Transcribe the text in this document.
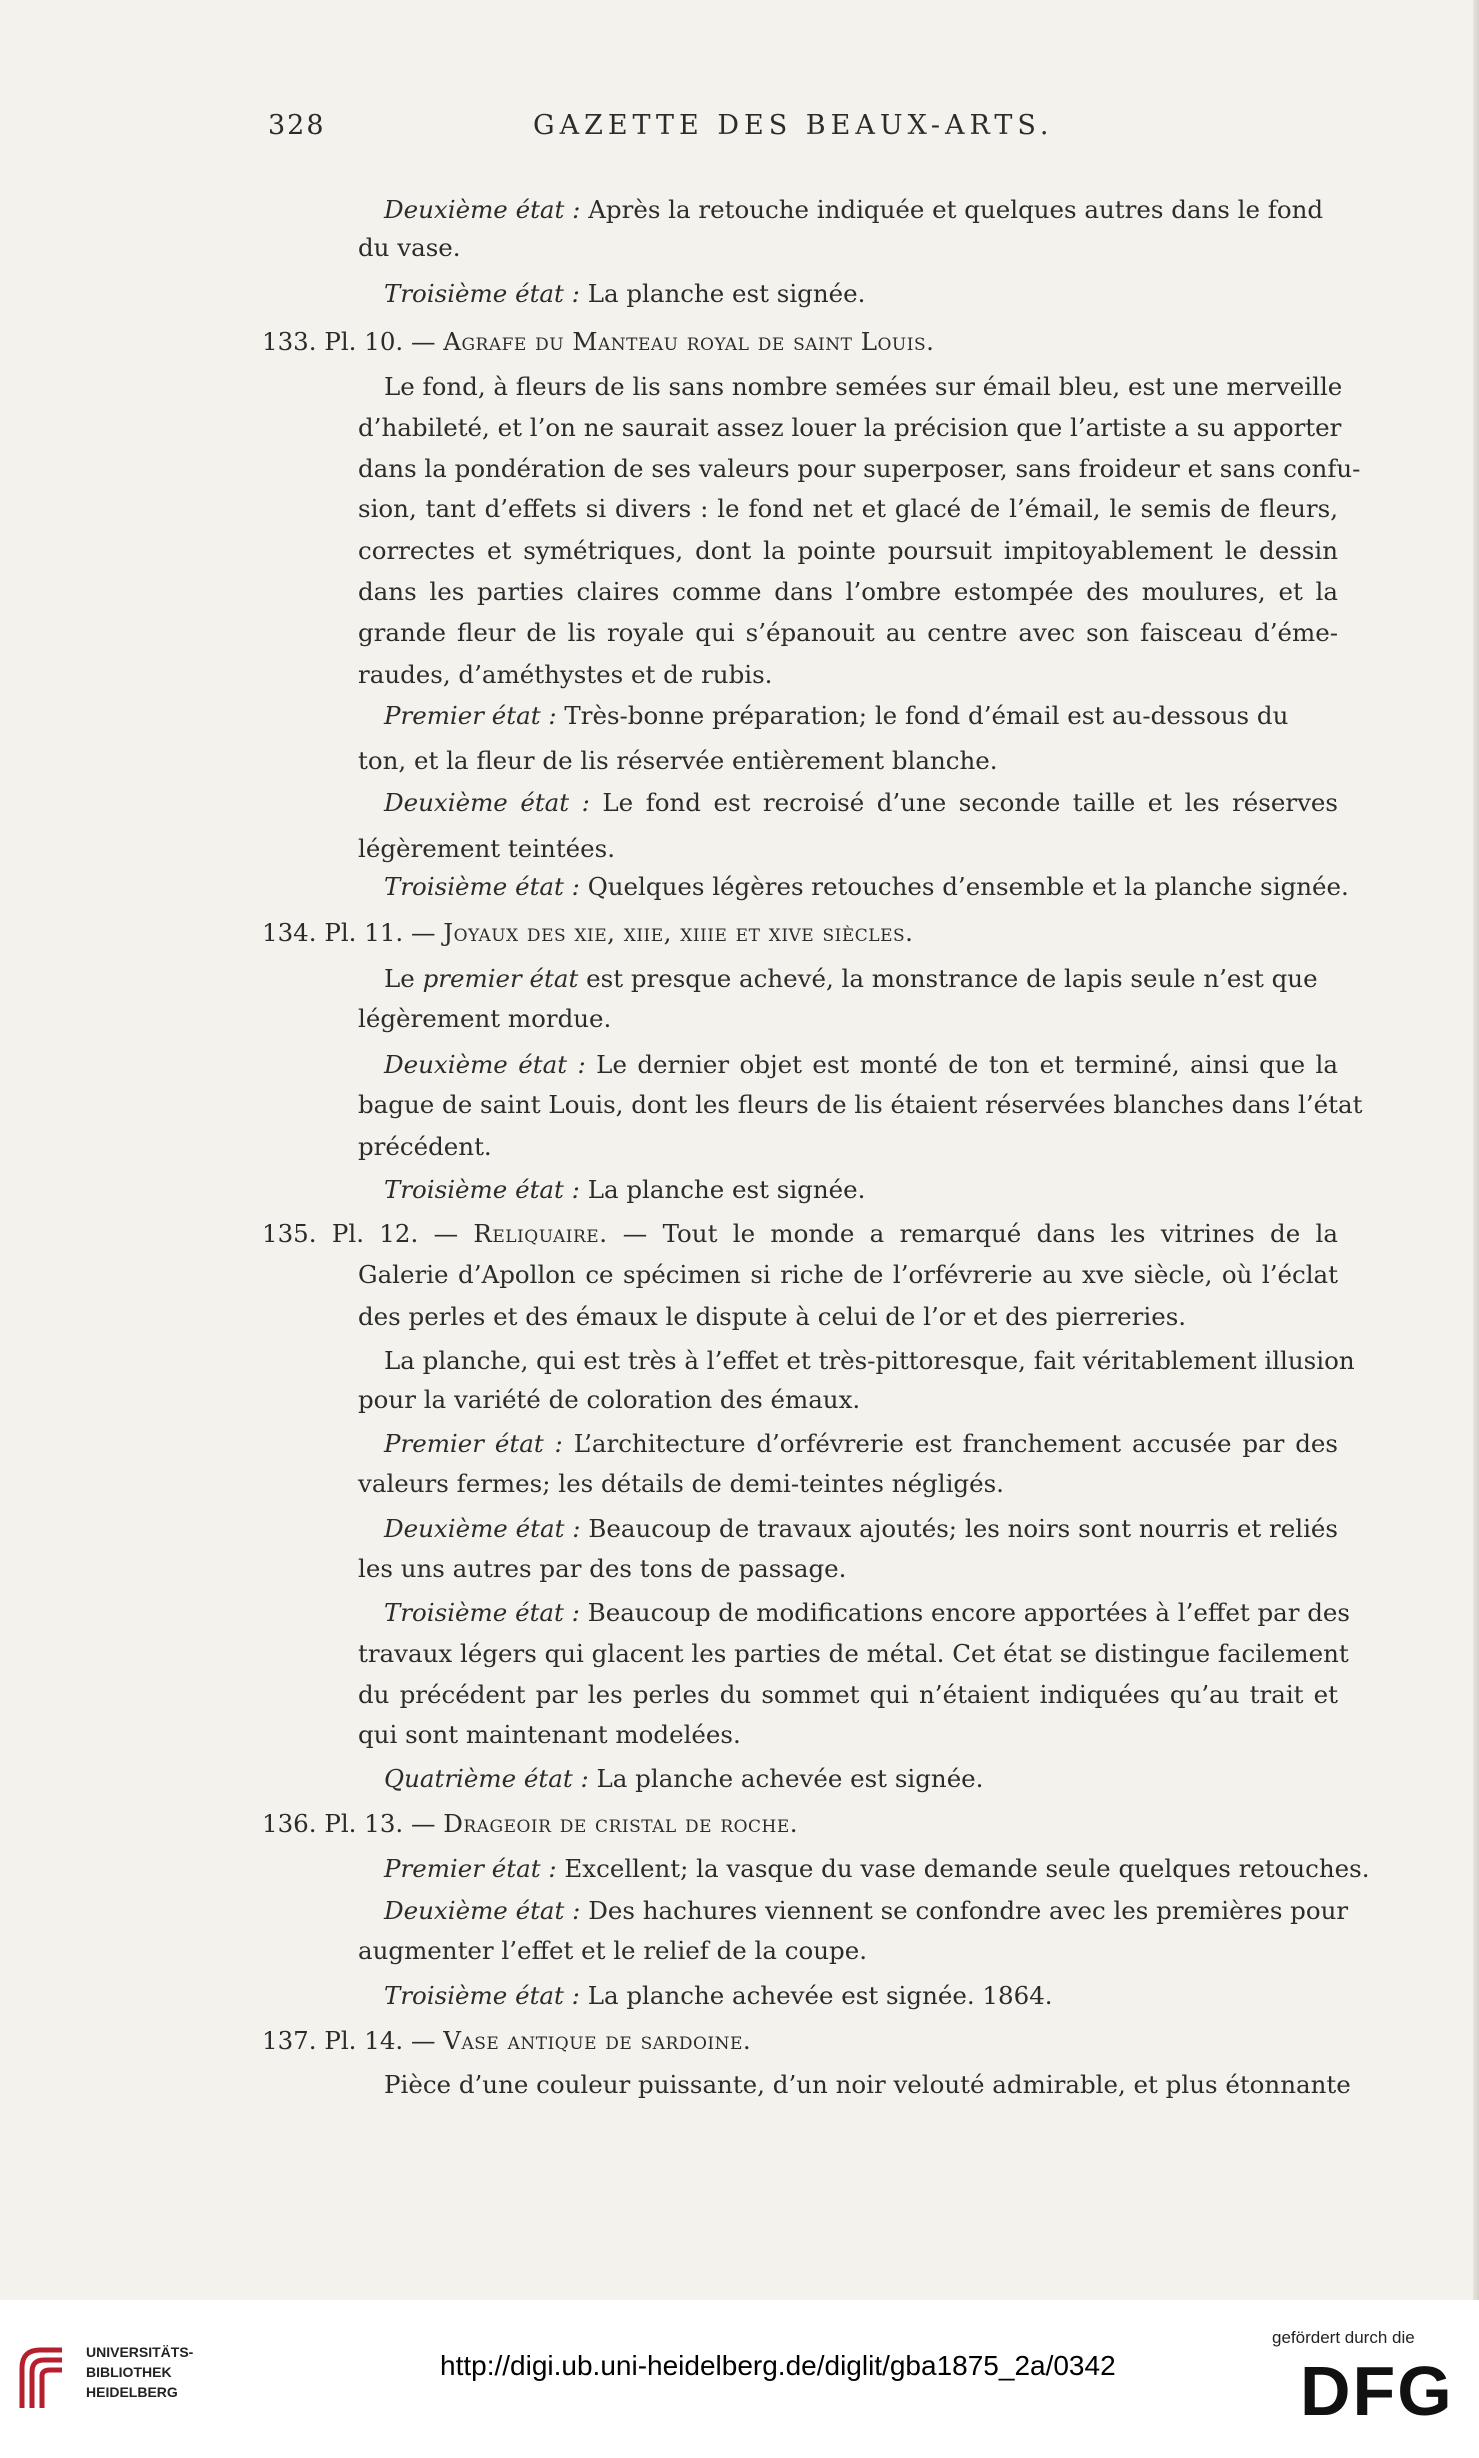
328	GAZETTE DES BEAUX-ARTS.
Deuxième état : Après la retouche indiquée et quelques autres dans le fond
du vase.
Troisième état : La planche est signée.
133. Pl. 10. — Agrafe du Manteau royal de saint Louis.
Le fond, à fleurs de lis sans nombre semées sur émail bleu, est une merveille
d’habileté, et l’on ne saurait assez louer la précision que l’artiste a su apporter
dans la pondération de ses valeurs pour superposer, sans froideur et sans confu-
sion, tant d’effets si divers : le fond net et glacé de l’émail, le semis de fleurs,
correctes et symétriques, dont la pointe poursuit impitoyablement le dessin
dans les parties claires comme dans l’ombre estompée des moulures, et la
grande fleur de lis royale qui s’épanouit au centre avec son faisceau d’éme-
raudes, d’améthystes et de rubis.
Premier état : Très-bonne préparation; le fond d’émail est au-dessous du
ton, et la fleur de lis réservée entièrement blanche.
Deuxième état : Le fond est recroisé d’une seconde taille et les réserves
légèrement teintées.
Troisième état : Quelques légères retouches d’ensemble et la planche signée.
134. Pl. 11. — Joyaux des xie, xiie, xiiie et xive siècles.
Le premier état est presque achevé, la monstrance de lapis seule n’est que
légèrement mordue.
Deuxième état : Le dernier objet est monté de ton et terminé, ainsi que la
bague de saint Louis, dont les fleurs de lis étaient réservées blanches dans l’état
précédent.
Troisième état : La planche est signée.
135. Pl. 12. — Reliquaire. — Tout le monde a remarqué dans les vitrines de la
Galerie d’Apollon ce spécimen si riche de l’orfévrerie au xve siècle, où l’éclat
des perles et des émaux le dispute à celui de l’or et des pierreries.
La planche, qui est très à l’effet et très-pittoresque, fait véritablement illusion
pour la variété de coloration des émaux.
Premier état : L’architecture d’orfévrerie est franchement accusée par des
valeurs fermes; les détails de demi-teintes négligés.
Deuxième état : Beaucoup de travaux ajoutés; les noirs sont nourris et reliés
les uns autres par des tons de passage.
Troisième état : Beaucoup de modifications encore apportées à l’effet par des
travaux légers qui glacent les parties de métal. Cet état se distingue facilement
du précédent par les perles du sommet qui n’étaient indiquées qu’au trait et
qui sont maintenant modelées.
Quatrième état : La planche achevée est signée.
136. Pl. 13. — Drageoir de cristal de roche.
Premier état : Excellent; la vasque du vase demande seule quelques retouches.
Deuxième état : Des hachures viennent se confondre avec les premières pour
augmenter l’effet et le relief de la coupe.
Troisième état : La planche achevée est signée. 1864.
137. Pl. 14. — Vase antique de sardoine.
Pièce d’une couleur puissante, d’un noir velouté admirable, et plus étonnante
UNIVERSITÄTS-
BIBLIOTHEK
HEIDELBERG
http://digi.ub.uni-heidelberg.de/diglit/gba1875_2a/0342
gefördert durch die
DFG
